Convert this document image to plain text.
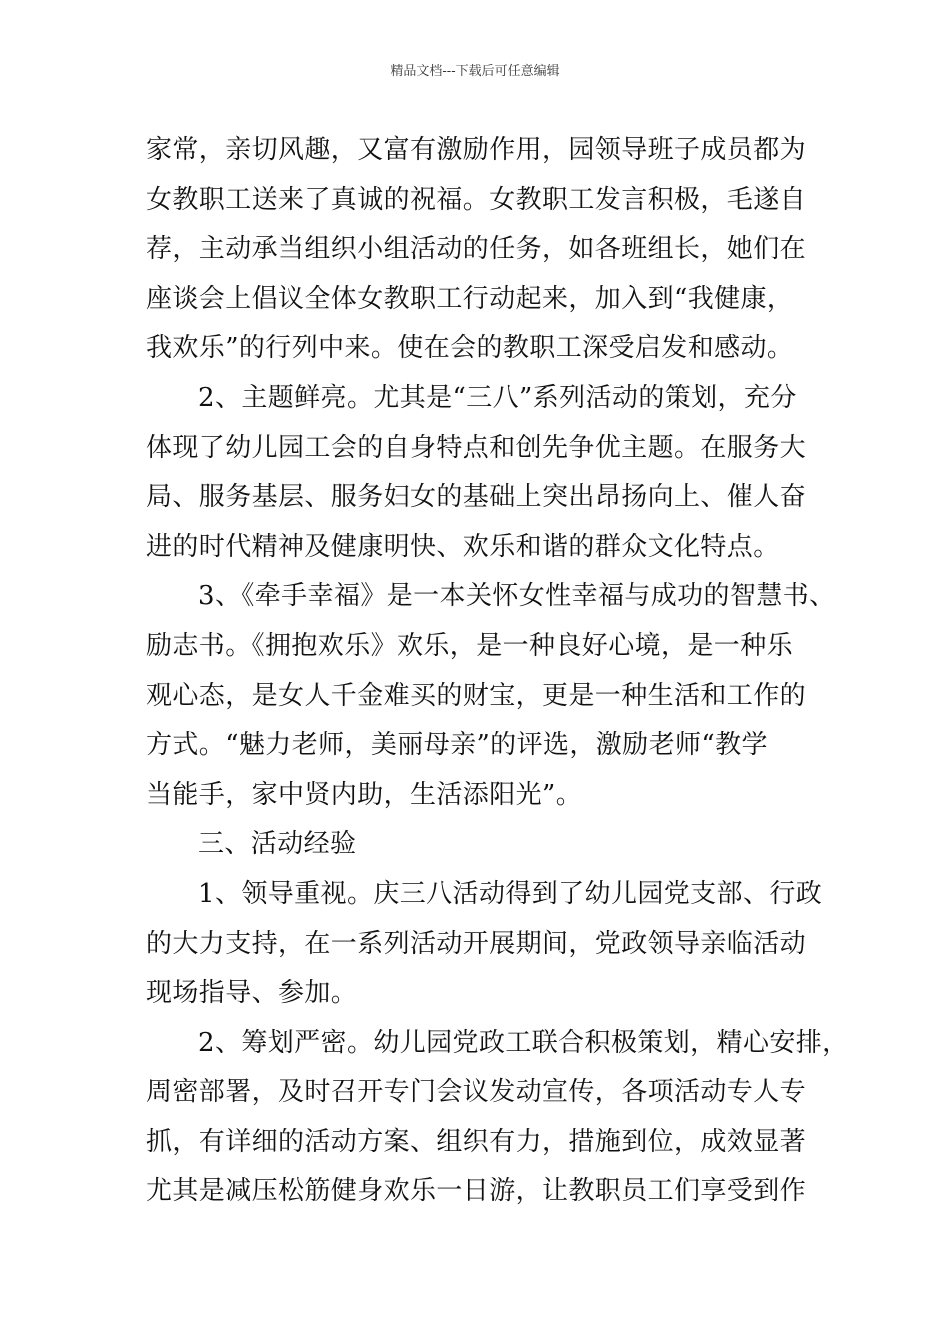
精品文档---下载后可任意编辑
家常，亲切风趣，又富有激励作用，园领导班子成员都为
女教职工送来了真诚的祝福。女教职工发言积极，毛遂自
荐，主动承当组织小组活动的任务，如各班组长，她们在
座谈会上倡议全体女教职工行动起来，加入到“我健康，
我欢乐”的行列中来。使在会的教职工深受启发和感动。
2、主题鲜亮。尤其是“三八”系列活动的策划，充分
体现了幼儿园工会的自身特点和创先争优主题。在服务大
局、服务基层、服务妇女的基础上突出昂扬向上、催人奋
进的时代精神及健康明快、欢乐和谐的群众文化特点。
3、《牵手幸福》是一本关怀女性幸福与成功的智慧书、
励志书。《拥抱欢乐》欢乐，是一种良好心境，是一种乐
观心态，是女人千金难买的财宝，更是一种生活和工作的
方式。“魅力老师，美丽母亲”的评选，激励老师“教学
当能手，家中贤内助，生活添阳光”。
三、活动经验
1、领导重视。庆三八活动得到了幼儿园党支部、行政
的大力支持，在一系列活动开展期间，党政领导亲临活动
现场指导、参加。
2、筹划严密。幼儿园党政工联合积极策划，精心安排，
周密部署，及时召开专门会议发动宣传，各项活动专人专
抓，有详细的活动方案、组织有力，措施到位，成效显著
尤其是减压松筋健身欢乐一日游，让教职员工们享受到作
